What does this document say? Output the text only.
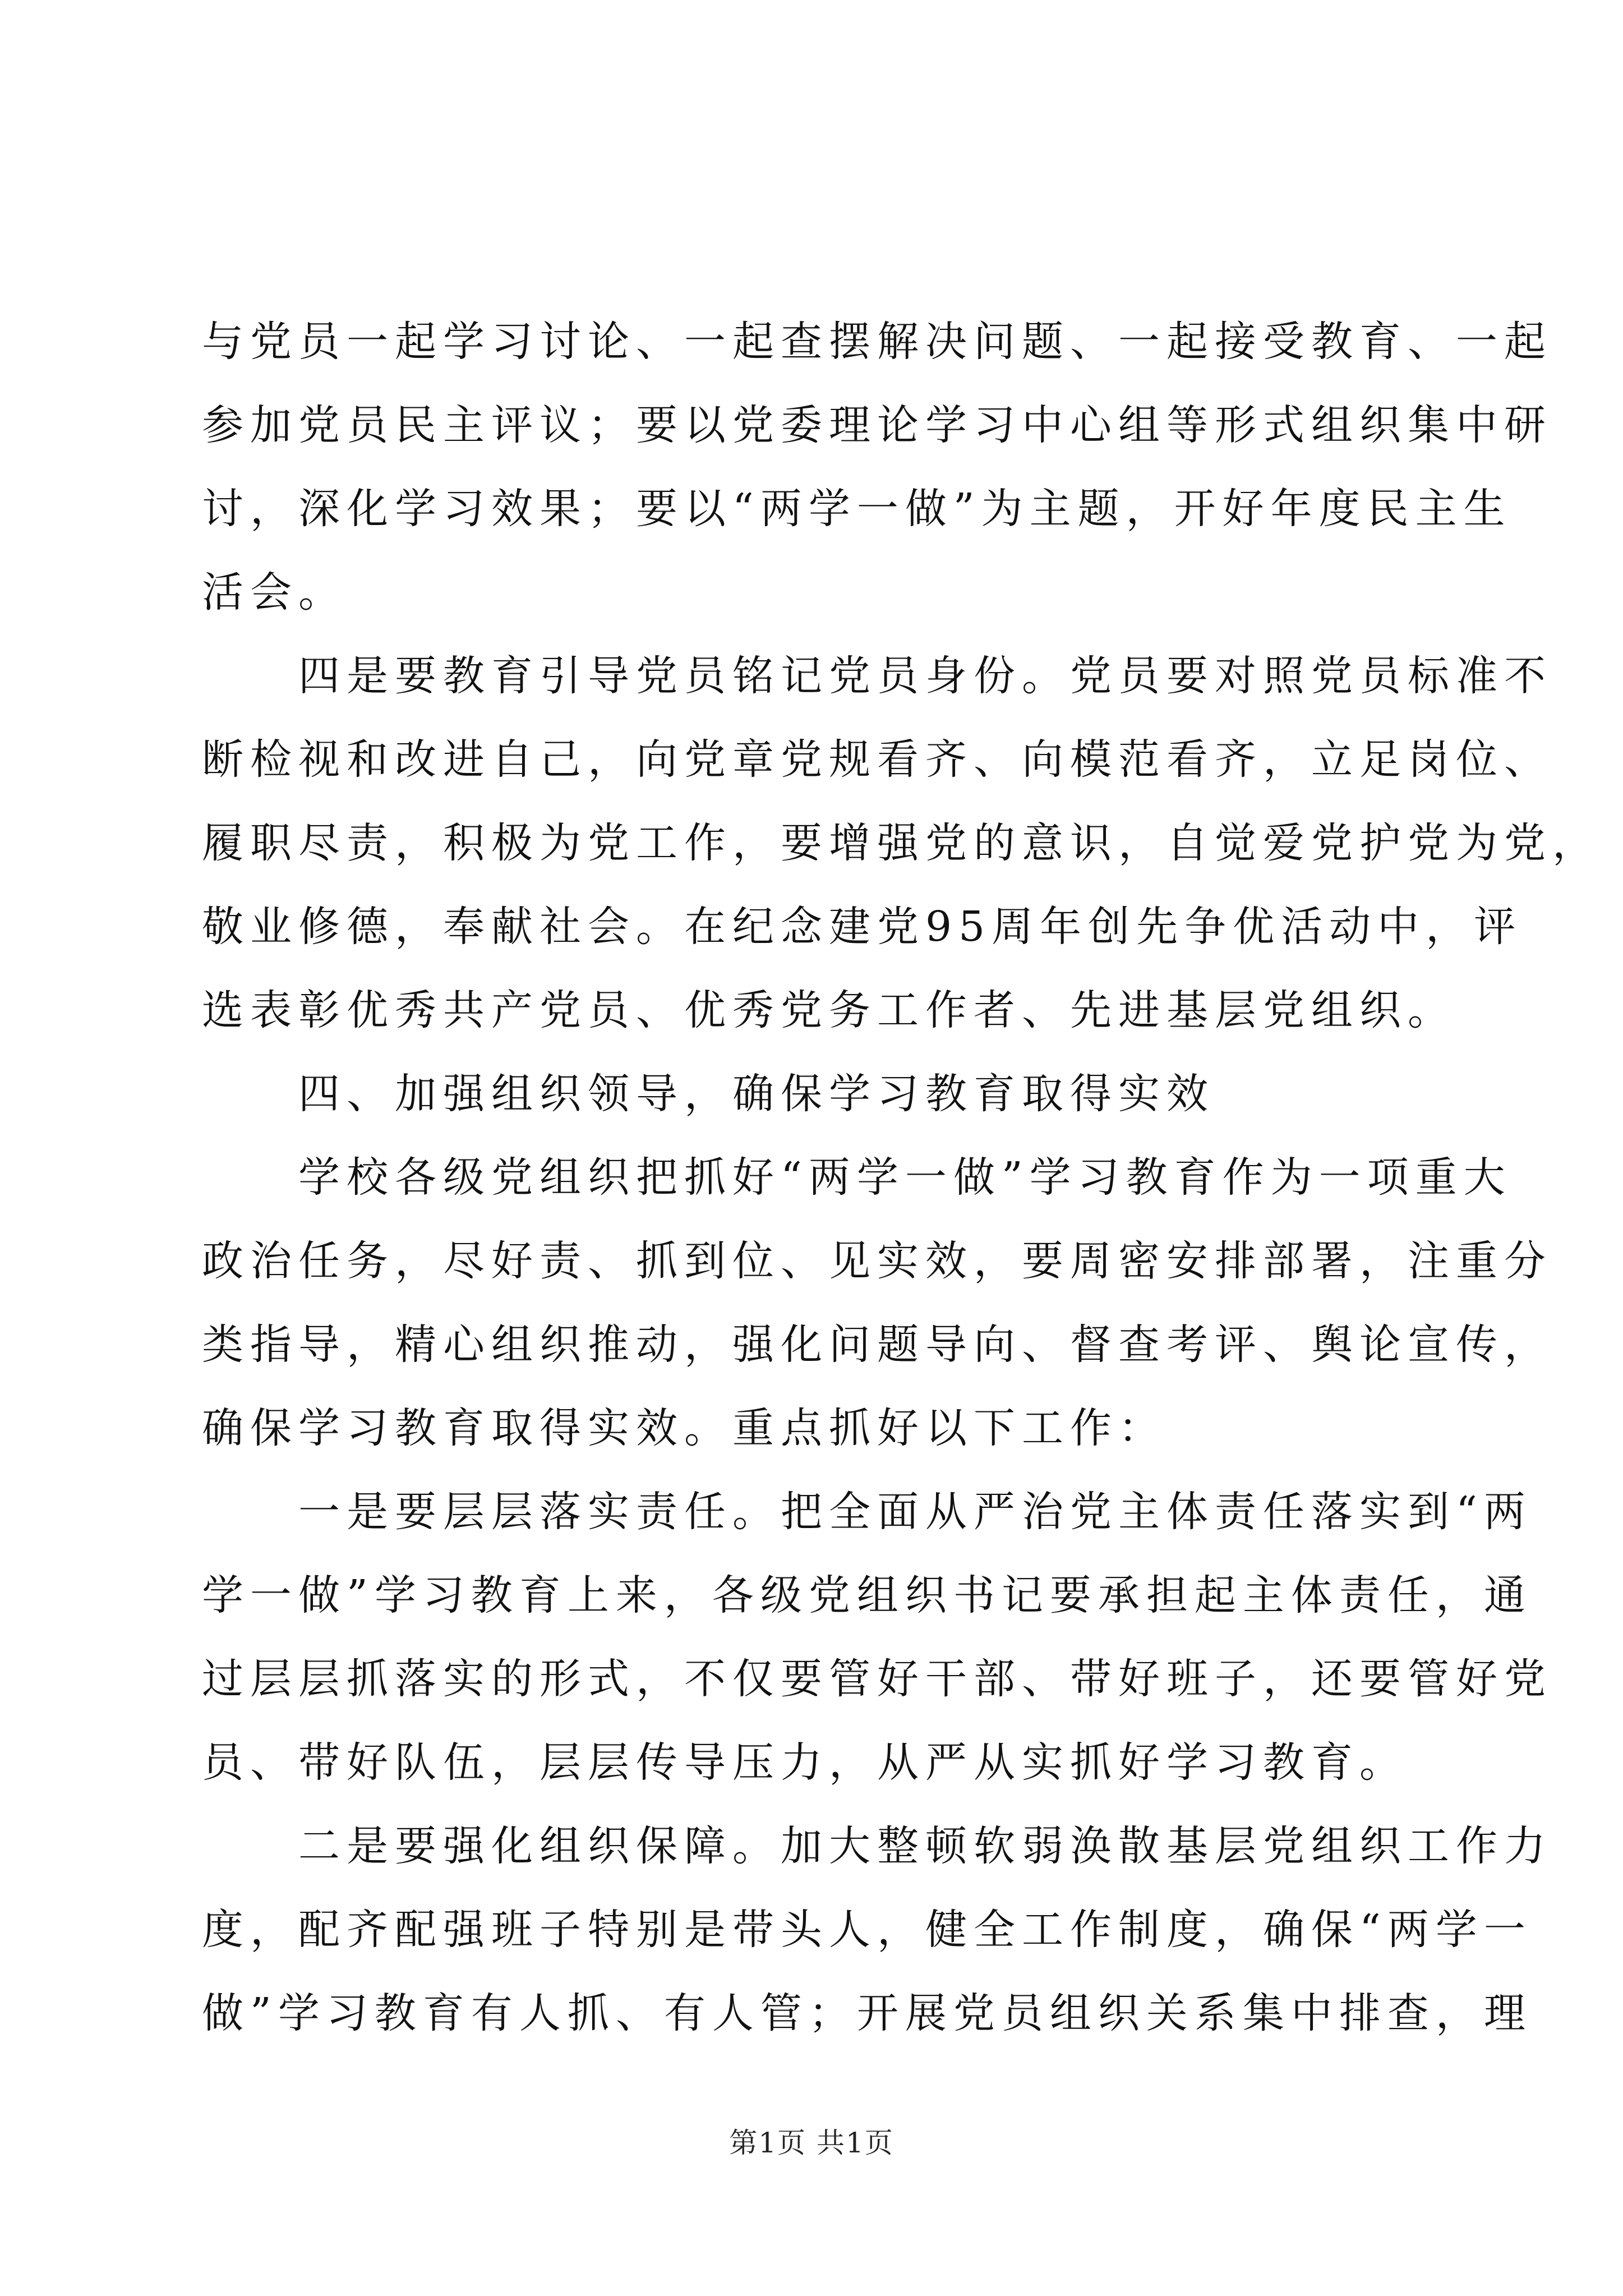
与党员一起学习讨论、一起查摆解决问题、一起接受教育、一起
参加党员民主评议；要以党委理论学习中心组等形式组织集中研
讨，深化学习效果；要以“两学一做”为主题，开好年度民主生
活会。
四是要教育引导党员铭记党员身份。党员要对照党员标准不
断检视和改进自己，向党章党规看齐、向模范看齐，立足岗位、
履职尽责，积极为党工作，要增强党的意识，自觉爱党护党为党，
敬业修德，奉献社会。在纪念建党95周年创先争优活动中，评
选表彰优秀共产党员、优秀党务工作者、先进基层党组织。
四、加强组织领导，确保学习教育取得实效
学校各级党组织把抓好“两学一做”学习教育作为一项重大
政治任务，尽好责、抓到位、见实效，要周密安排部署，注重分
类指导，精心组织推动，强化问题导向、督查考评、舆论宣传，
确保学习教育取得实效。重点抓好以下工作：
一是要层层落实责任。把全面从严治党主体责任落实到“两
学一做”学习教育上来，各级党组织书记要承担起主体责任，通
过层层抓落实的形式，不仅要管好干部、带好班子，还要管好党
员、带好队伍，层层传导压力，从严从实抓好学习教育。
二是要强化组织保障。加大整顿软弱涣散基层党组织工作力
度，配齐配强班子特别是带头人，健全工作制度，确保“两学一
做”学习教育有人抓、有人管；开展党员组织关系集中排查，理
第1页 共1页
